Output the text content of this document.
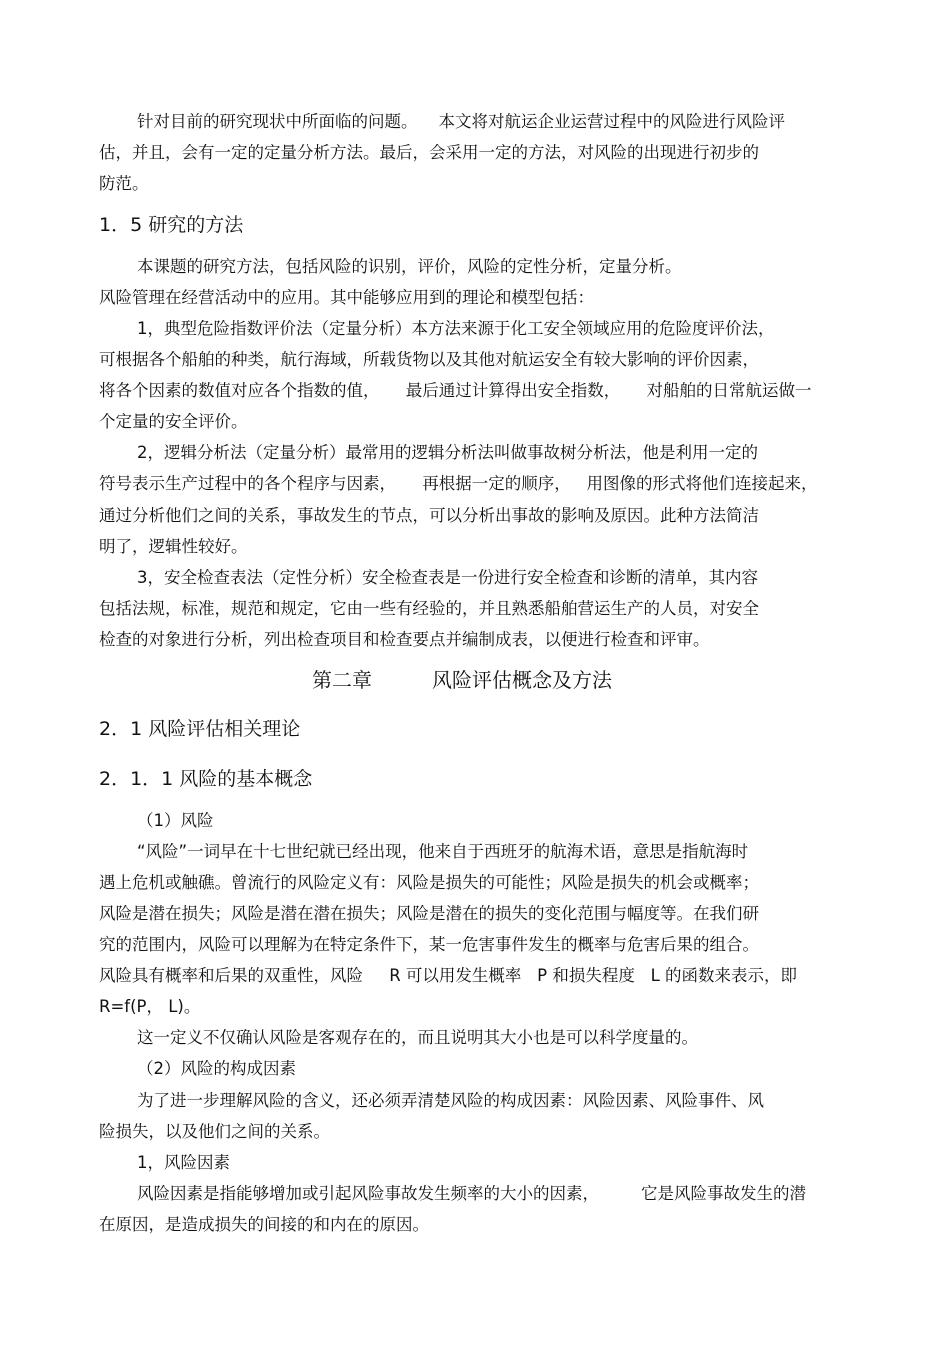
针对目前的研究现状中所面临的问题。    本文将对航运企业运营过程中的风险进行风险评
估，并且，会有一定的定量分析方法。最后，会采用一定的方法，对风险的出现进行初步的
防范。
1．5 研究的方法
本课题的研究方法，包括风险的识别，评价，风险的定性分析，定量分析。
风险管理在经营活动中的应用。其中能够应用到的理论和模型包括：
1，典型危险指数评价法（定量分析）本方法来源于化工安全领域应用的危险度评价法，
可根据各个船舶的种类，航行海域，所载货物以及其他对航运安全有较大影响的评价因素，
将各个因素的数值对应各个指数的值，     最后通过计算得出安全指数，     对船舶的日常航运做一
个定量的安全评价。
2，逻辑分析法（定量分析）最常用的逻辑分析法叫做事故树分析法，他是利用一定的
符号表示生产过程中的各个程序与因素，     再根据一定的顺序，   用图像的形式将他们连接起来，
通过分析他们之间的关系，事故发生的节点，可以分析出事故的影响及原因。此种方法简洁
明了，逻辑性较好。
3，安全检查表法（定性分析）安全检查表是一份进行安全检查和诊断的清单，其内容
包括法规，标准，规范和规定，它由一些有经验的，并且熟悉船舶营运生产的人员，对安全
检查的对象进行分析，列出检查项目和检查要点并编制成表，以便进行检查和评审。
第二章	风险评估概念及方法
2．1 风险评估相关理论
2．1．1 风险的基本概念
（1）风险
“风险”一词早在十七世纪就已经出现，他来自于西班牙的航海术语，意思是指航海时
遇上危机或触礁。曾流行的风险定义有：风险是损失的可能性；风险是损失的机会或概率；
风险是潜在损失；风险是潜在潜在损失；风险是潜在的损失的变化范围与幅度等。在我们研
究的范围内，风险可以理解为在特定条件下，某一危害事件发生的概率与危害后果的组合。
风险具有概率和后果的双重性，风险     R 可以用发生概率   P 和损失程度   L 的函数来表示，即
R=f(P， L)。
这一定义不仅确认风险是客观存在的，而且说明其大小也是可以科学度量的。
（2）风险的构成因素
为了进一步理解风险的含义，还必须弄清楚风险的构成因素：风险因素、风险事件、风
险损失，以及他们之间的关系。
1，风险因素
风险因素是指能够增加或引起风险事故发生频率的大小的因素，        它是风险事故发生的潜
在原因，是造成损失的间接的和内在的原因。
